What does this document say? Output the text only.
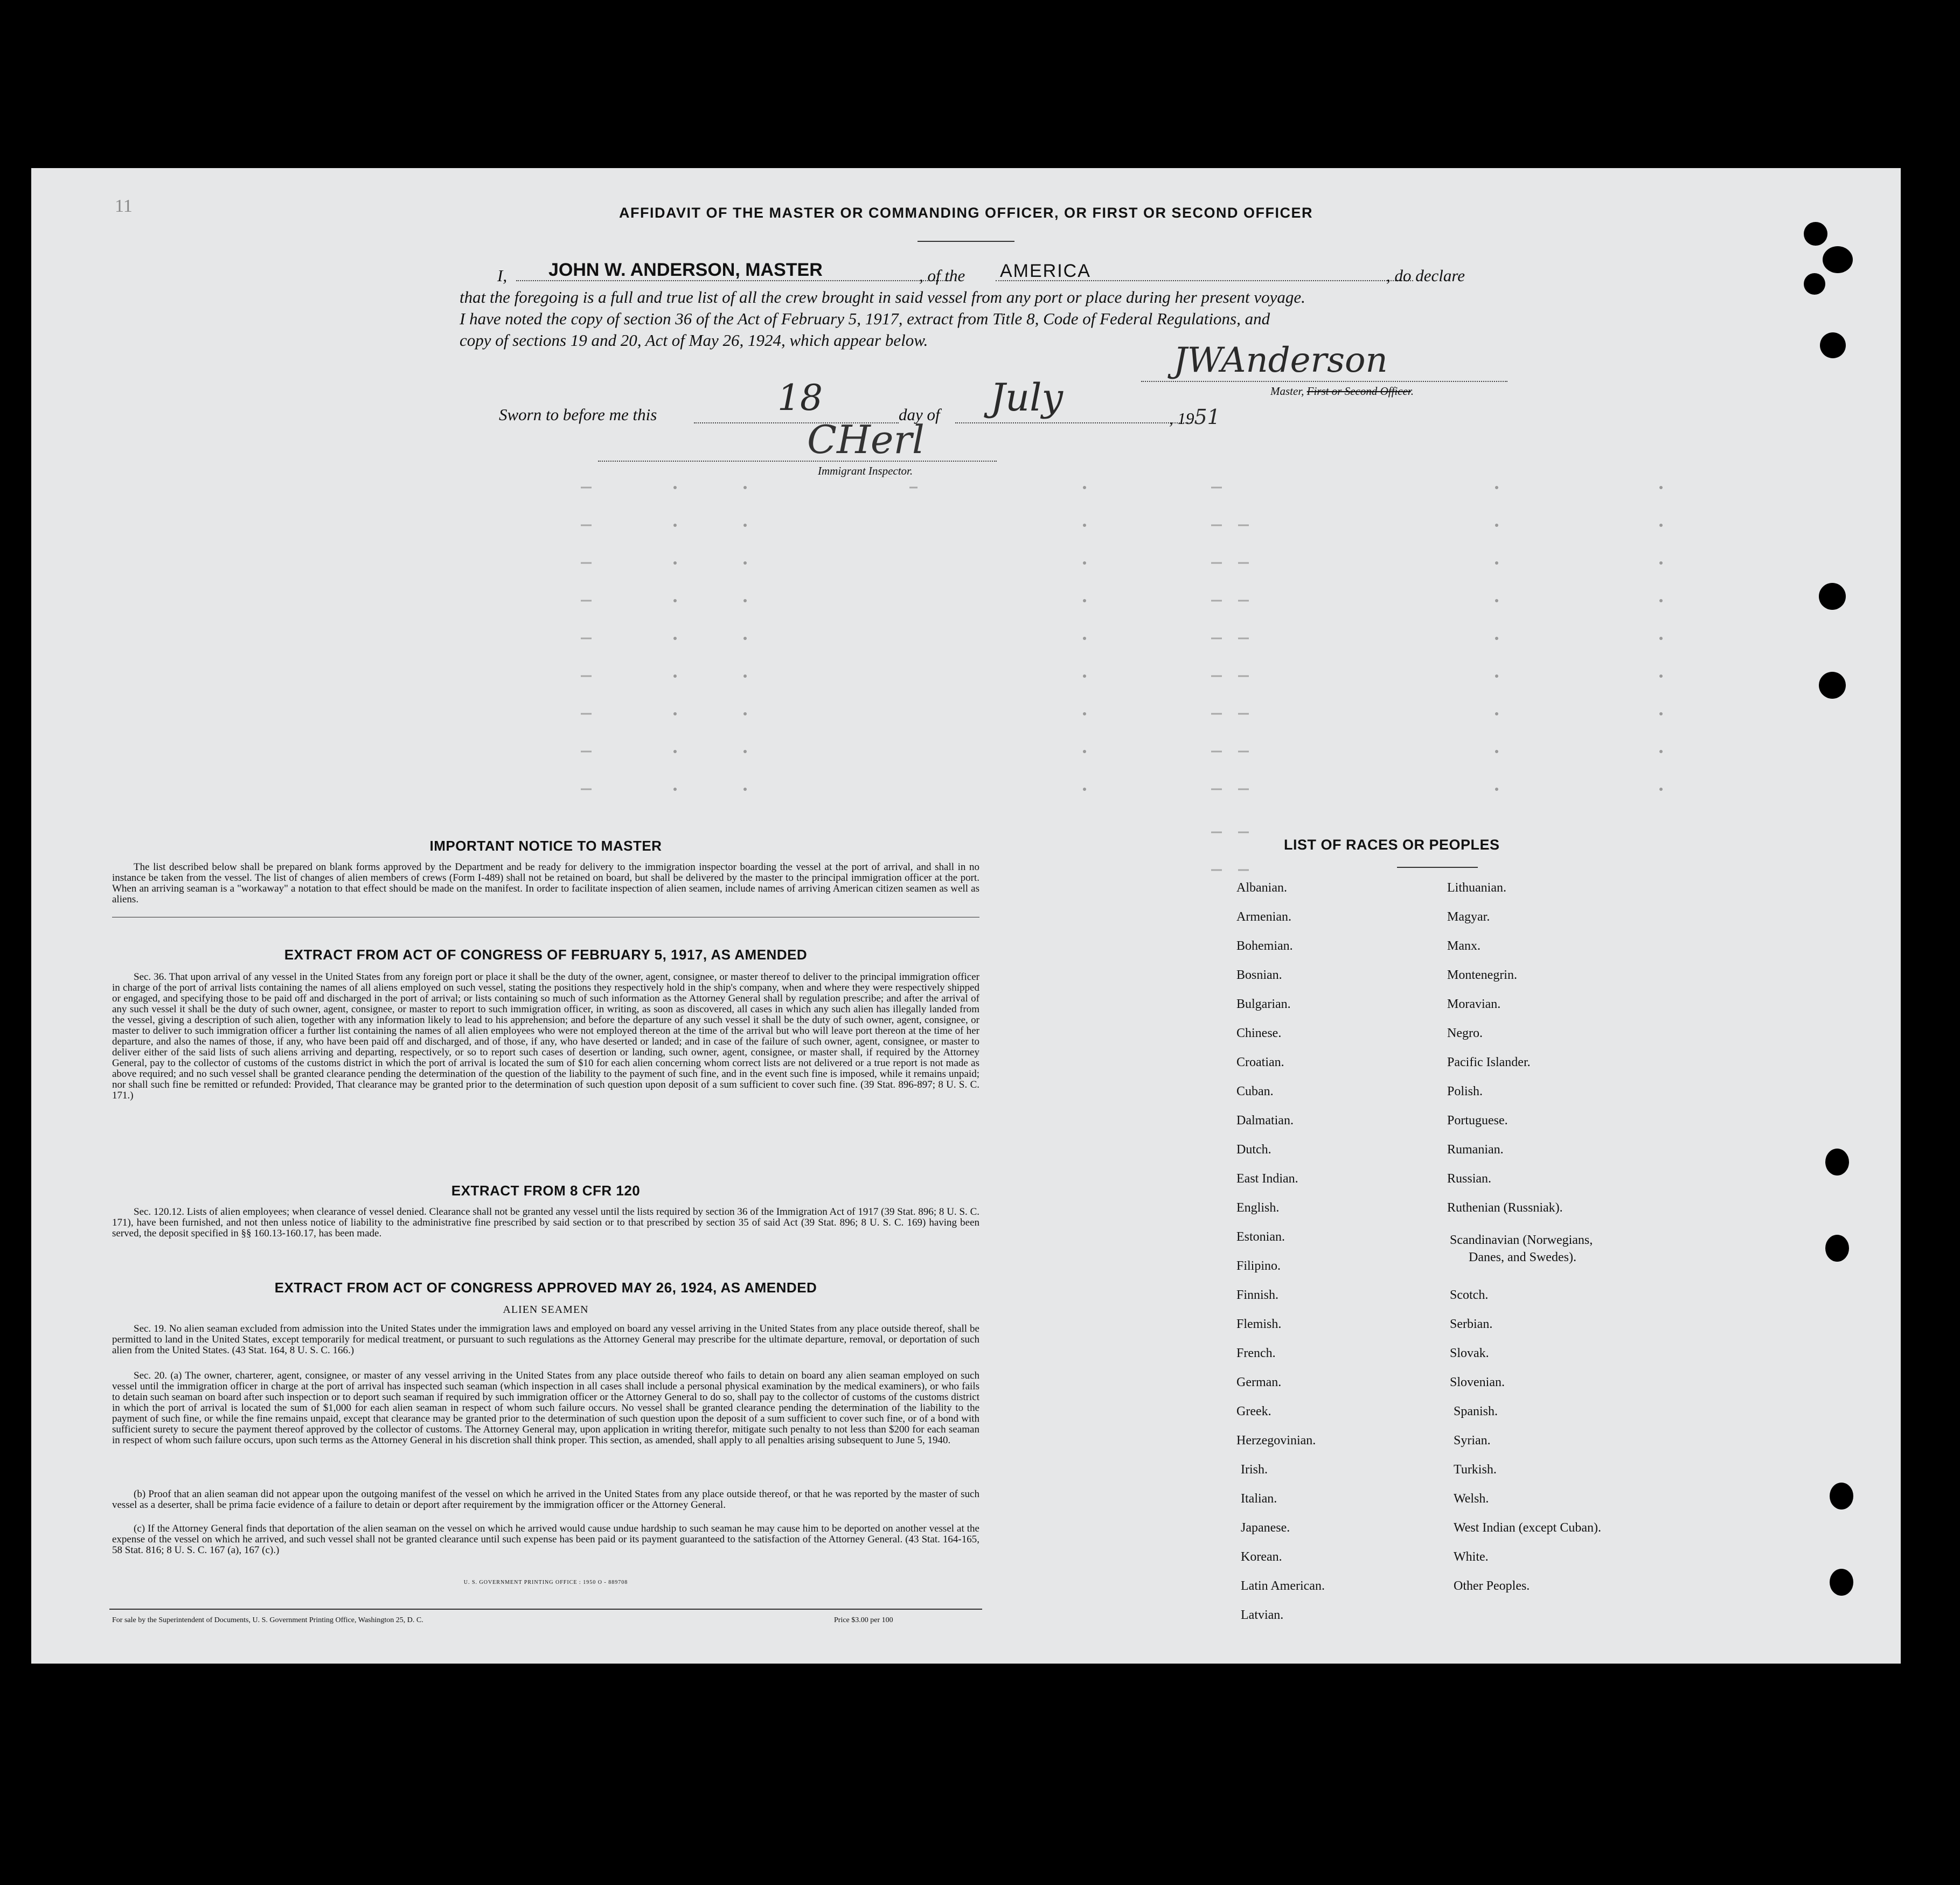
11	AFFIDAVIT OF THE MASTER OR COMMANDING OFFICER, OR FIRST OR SECOND OFFICER
I, JOHN W. ANDERSON, MASTER	, of the AMERICA	, do declare
that the foregoing is a full and true list of all the crew brought in said vessel from any port or place during her present voyage.
I have noted the copy of section 36 of the Act of February 5, 1917, extract from Title 8, Code of Federal Regulations, and
copy of sections 19 and 20, Act of May 26, 1924, which appear below.
JWAnderson
Master, First or Second Officer.
Sworn to before me this	18	day of July	, 1951
CHerl
Immigrant Inspector.
IMPORTANT NOTICE TO MASTER
The list described below shall be prepared on blank forms approved by the Department and be ready for delivery to the immigration inspector boarding the vessel at the port of arrival, and shall in no instance be taken from the vessel. The list of changes of alien members of crews (Form I-489) shall not be retained on board, but shall be delivered by the master to the principal immigration officer at the port. When an arriving seaman is a "workaway" a notation to that effect should be made on the manifest. In order to facilitate inspection of alien seamen, include names of arriving American citizen seamen as well as aliens.
EXTRACT FROM ACT OF CONGRESS OF FEBRUARY 5, 1917, AS AMENDED
Sec. 36. That upon arrival of any vessel in the United States from any foreign port or place it shall be the duty of the owner, agent, consignee, or master thereof to deliver to the principal immigration officer in charge of the port of arrival lists containing the names of all aliens employed on such vessel, stating the positions they respectively hold in the ship's company, when and where they were respectively shipped or engaged, and specifying those to be paid off and discharged in the port of arrival; or lists containing so much of such information as the Attorney General shall by regulation prescribe; and after the arrival of any such vessel it shall be the duty of such owner, agent, consignee, or master to report to such immigration officer, in writing, as soon as discovered, all cases in which any such alien has illegally landed from the vessel, giving a description of such alien, together with any information likely to lead to his apprehension; and before the departure of any such vessel it shall be the duty of such owner, agent, consignee, or master to deliver to such immigration officer a further list containing the names of all alien employees who were not employed thereon at the time of the arrival but who will leave port thereon at the time of her departure, and also the names of those, if any, who have been paid off and discharged, and of those, if any, who have deserted or landed; and in case of the failure of such owner, agent, consignee, or master to deliver either of the said lists of such aliens arriving and departing, respectively, or so to report such cases of desertion or landing, such owner, agent, consignee, or master shall, if required by the Attorney General, pay to the collector of customs of the customs district in which the port of arrival is located the sum of $10 for each alien concerning whom correct lists are not delivered or a true report is not made as above required; and no such vessel shall be granted clearance pending the determination of the question of the liability to the payment of such fine, and in the event such fine is imposed, while it remains unpaid; nor shall such fine be remitted or refunded: Provided, That clearance may be granted prior to the determination of such question upon deposit of a sum sufficient to cover such fine. (39 Stat. 896-897; 8 U. S. C. 171.)
EXTRACT FROM 8 CFR 120
Sec. 120.12. Lists of alien employees; when clearance of vessel denied. Clearance shall not be granted any vessel until the lists required by section 36 of the Immigration Act of 1917 (39 Stat. 896; 8 U. S. C. 171), have been furnished, and not then unless notice of liability to the administrative fine prescribed by said section or to that prescribed by section 35 of said Act (39 Stat. 896; 8 U. S. C. 169) having been served, the deposit specified in §§ 160.13-160.17, has been made.
EXTRACT FROM ACT OF CONGRESS APPROVED MAY 26, 1924, AS AMENDED
ALIEN SEAMEN
Sec. 19. No alien seaman excluded from admission into the United States under the immigration laws and employed on board any vessel arriving in the United States from any place outside thereof, shall be permitted to land in the United States, except temporarily for medical treatment, or pursuant to such regulations as the Attorney General may prescribe for the ultimate departure, removal, or deportation of such alien from the United States. (43 Stat. 164, 8 U. S. C. 166.)
Sec. 20. (a) The owner, charterer, agent, consignee, or master of any vessel arriving in the United States from any place outside thereof who fails to detain on board any alien seaman employed on such vessel until the immigration officer in charge at the port of arrival has inspected such seaman (which inspection in all cases shall include a personal physical examination by the medical examiners), or who fails to detain such seaman on board after such inspection or to deport such seaman if required by such immigration officer or the Attorney General to do so, shall pay to the collector of customs of the customs district in which the port of arrival is located the sum of $1,000 for each alien seaman in respect of whom such failure occurs. No vessel shall be granted clearance pending the determination of the liability to the payment of such fine, or while the fine remains unpaid, except that clearance may be granted prior to the determination of such question upon the deposit of a sum sufficient to cover such fine, or of a bond with sufficient surety to secure the payment thereof approved by the collector of customs. The Attorney General may, upon application in writing therefor, mitigate such penalty to not less than $200 for each seaman in respect of whom such failure occurs, upon such terms as the Attorney General in his discretion shall think proper. This section, as amended, shall apply to all penalties arising subsequent to June 5, 1940.
(b) Proof that an alien seaman did not appear upon the outgoing manifest of the vessel on which he arrived in the United States from any place outside thereof, or that he was reported by the master of such vessel as a deserter, shall be prima facie evidence of a failure to detain or deport after requirement by the immigration officer or the Attorney General.
(c) If the Attorney General finds that deportation of the alien seaman on the vessel on which he arrived would cause undue hardship to such seaman he may cause him to be deported on another vessel at the expense of the vessel on which he arrived, and such vessel shall not be granted clearance until such expense has been paid or its payment guaranteed to the satisfaction of the Attorney General. (43 Stat. 164-165, 58 Stat. 816; 8 U. S. C. 167 (a), 167 (c).)
U. S. GOVERNMENT PRINTING OFFICE : 1950 O - 889708
For sale by the Superintendent of Documents, U. S. Government Printing Office, Washington 25, D. C.	Price $3.00 per 100
LIST OF RACES OR PEOPLES
Albanian.
Armenian.
Bohemian.
Bosnian.
Bulgarian.
Chinese.
Croatian.
Cuban.
Dalmatian.
Dutch.
East Indian.
English.
Estonian.
Filipino.
Finnish.
Flemish.
French.
German.
Greek.
Herzegovinian.
Irish.
Italian.
Japanese.
Korean.
Latin American.
Latvian.
Lithuanian.
Magyar.
Manx.
Montenegrin.
Moravian.
Negro.
Pacific Islander.
Polish.
Portuguese.
Rumanian.
Russian.
Ruthenian (Russniak).
Scandinavian (Norwegians,
Danes, and Swedes).
Scotch.
Serbian.
Slovak.
Slovenian.
Spanish.
Syrian.
Turkish.
Welsh.
West Indian (except Cuban).
White.
Other Peoples.
